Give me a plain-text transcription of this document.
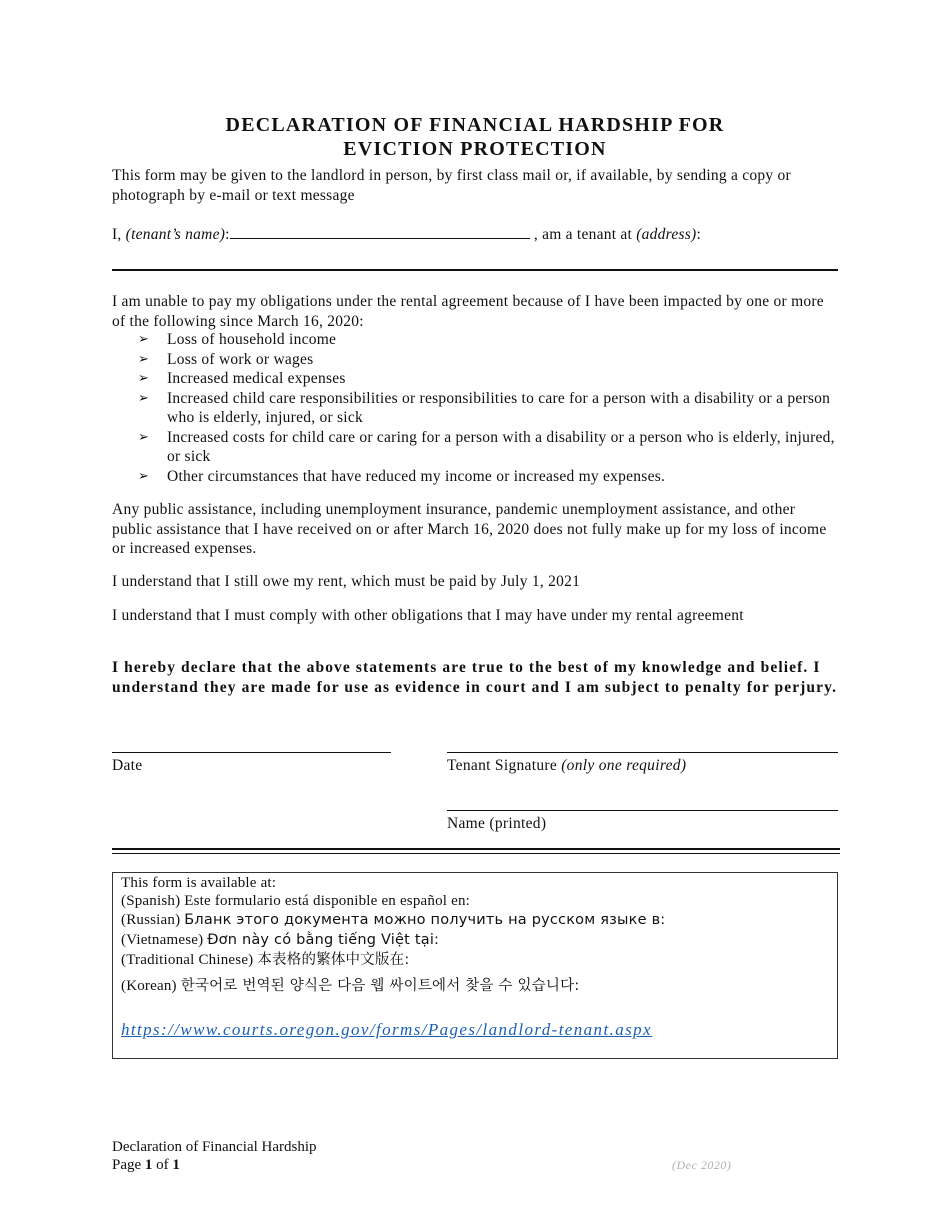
DECLARATION OF FINANCIAL HARDSHIP FOR
EVICTION PROTECTION
This form may be given to the landlord in person, by first class mail or, if available, by sending a copy or photograph by e-mail or text message
I, (tenant’s name):	, am a tenant at (address):
I am unable to pay my obligations under the rental agreement because of I have been impacted by one or more of the following since March 16, 2020:
➢ Loss of household income
➢ Loss of work or wages
➢ Increased medical expenses
➢ Increased child care responsibilities or responsibilities to care for a person with a disability or a person who is elderly, injured, or sick
➢ Increased costs for child care or caring for a person with a disability or a person who is elderly, injured, or sick
➢ Other circumstances that have reduced my income or increased my expenses.
Any public assistance, including unemployment insurance, pandemic unemployment assistance, and other public assistance that I have received on or after March 16, 2020 does not fully make up for my loss of income or increased expenses.
I understand that I still owe my rent, which must be paid by July 1, 2021
I understand that I must comply with other obligations that I may have under my rental agreement
I hereby declare that the above statements are true to the best of my knowledge and belief. I understand they are made for use as evidence in court and I am subject to penalty for perjury.
Date	Tenant Signature (only one required)
Name (printed)
This form is available at:
(Spanish) Este formulario está disponible en español en:
(Russian) Бланк этого документа можно получить на русском языке в:
(Vietnamese) Đơn này có bằng tiếng Việt tại:
(Traditional Chinese) 本表格的繁体中文版在:
(Korean) 한국어로 번역된 양식은 다음 웹 싸이트에서 찾을 수 있습니다:
https://www.courts.oregon.gov/forms/Pages/landlord-tenant.aspx
Declaration of Financial Hardship
Page 1 of 1	(Dec 2020)
